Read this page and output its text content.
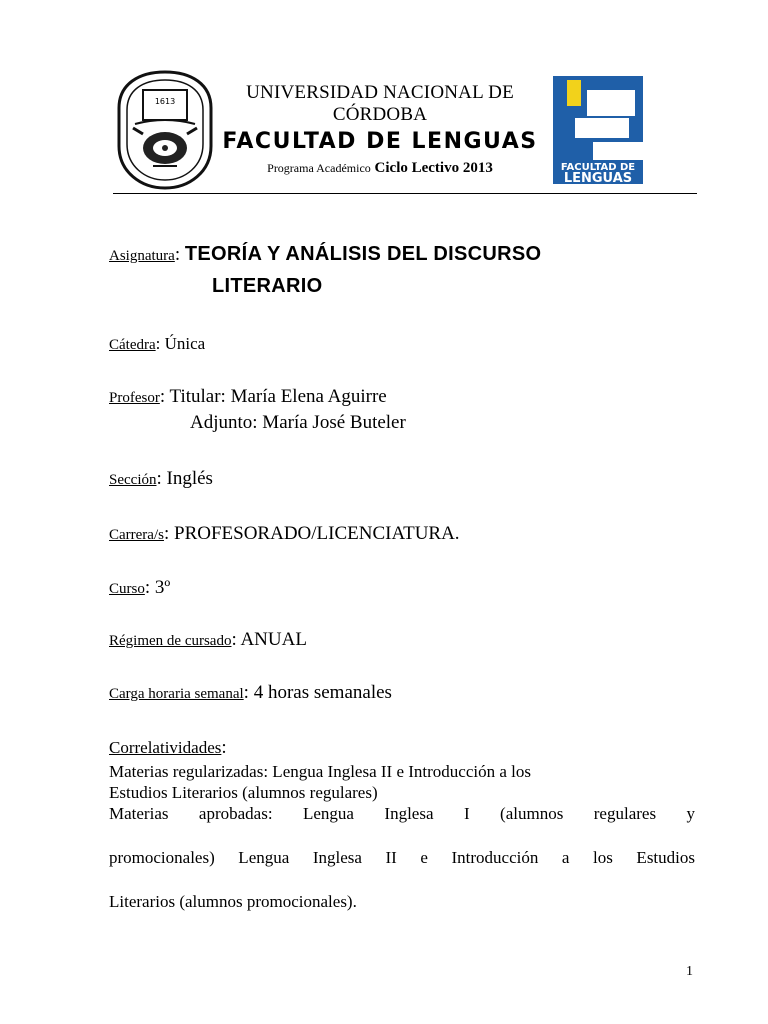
1613	UNIVERSIDAD NACIONAL DE
CÓRDOBA
FACULTAD DE LENGUAS
Programa Académico Ciclo Lectivo 2013	FACULTAD DE
LENGUAS
Asignatura: TEORÍA Y ANÁLISIS DEL DISCURSO
LITERARIO
Cátedra: Única
Profesor: Titular: María Elena Aguirre
Adjunto: María José Buteler
Sección: Inglés
Carrera/s: PROFESORADO/LICENCIATURA.
Curso: 3º
Régimen de cursado: ANUAL
Carga horaria semanal: 4 horas semanales
Correlatividades:
Materias regularizadas: Lengua Inglesa II e Introducción a los
Estudios Literarios (alumnos regulares)
Materias aprobadas: Lengua Inglesa I (alumnos regulares y
promocionales) Lengua Inglesa II e Introducción a los Estudios
Literarios (alumnos promocionales).
1
